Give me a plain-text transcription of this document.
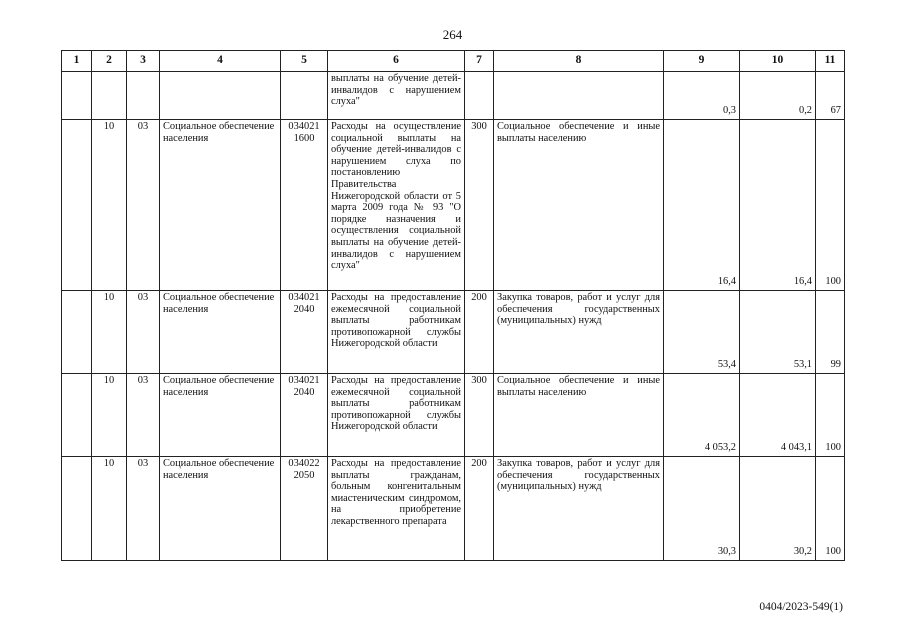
264
1	2	3	4	5	6	7	8	9	10	11
					выплаты на обучение детей-инвалидов с нарушением слуха"			0,3	0,2	67
	10	03	Социальное обеспечение населения	034021 1600	Расходы на осуществление социальной выплаты на обучение детей-инвалидов с нарушением слуха по постановлению Правительства Нижегородской области от 5 марта 2009 года № 93 "О порядке назначения и осуществления социальной выплаты на обучение детей-инвалидов с нарушением слуха"	300	Социальное обеспечение и иные выплаты населению	16,4	16,4	100
	10	03	Социальное обеспечение населения	034021 2040	Расходы на предоставление ежемесячной социальной выплаты работникам противопожарной службы Нижегородской области	200	Закупка товаров, работ и услуг для обеспечения государственных (муниципальных) нужд	53,4	53,1	99
	10	03	Социальное обеспечение населения	034021 2040	Расходы на предоставление ежемесячной социальной выплаты работникам противопожарной службы Нижегородской области	300	Социальное обеспечение и иные выплаты населению	4 053,2	4 043,1	100
	10	03	Социальное обеспечение населения	034022 2050	Расходы на предоставление выплаты гражданам, больным конгенитальным миастеническим синдромом, на приобретение лекарственного препарата	200	Закупка товаров, работ и услуг для обеспечения государственных (муниципальных) нужд	30,3	30,2	100
0404/2023-549(1)
